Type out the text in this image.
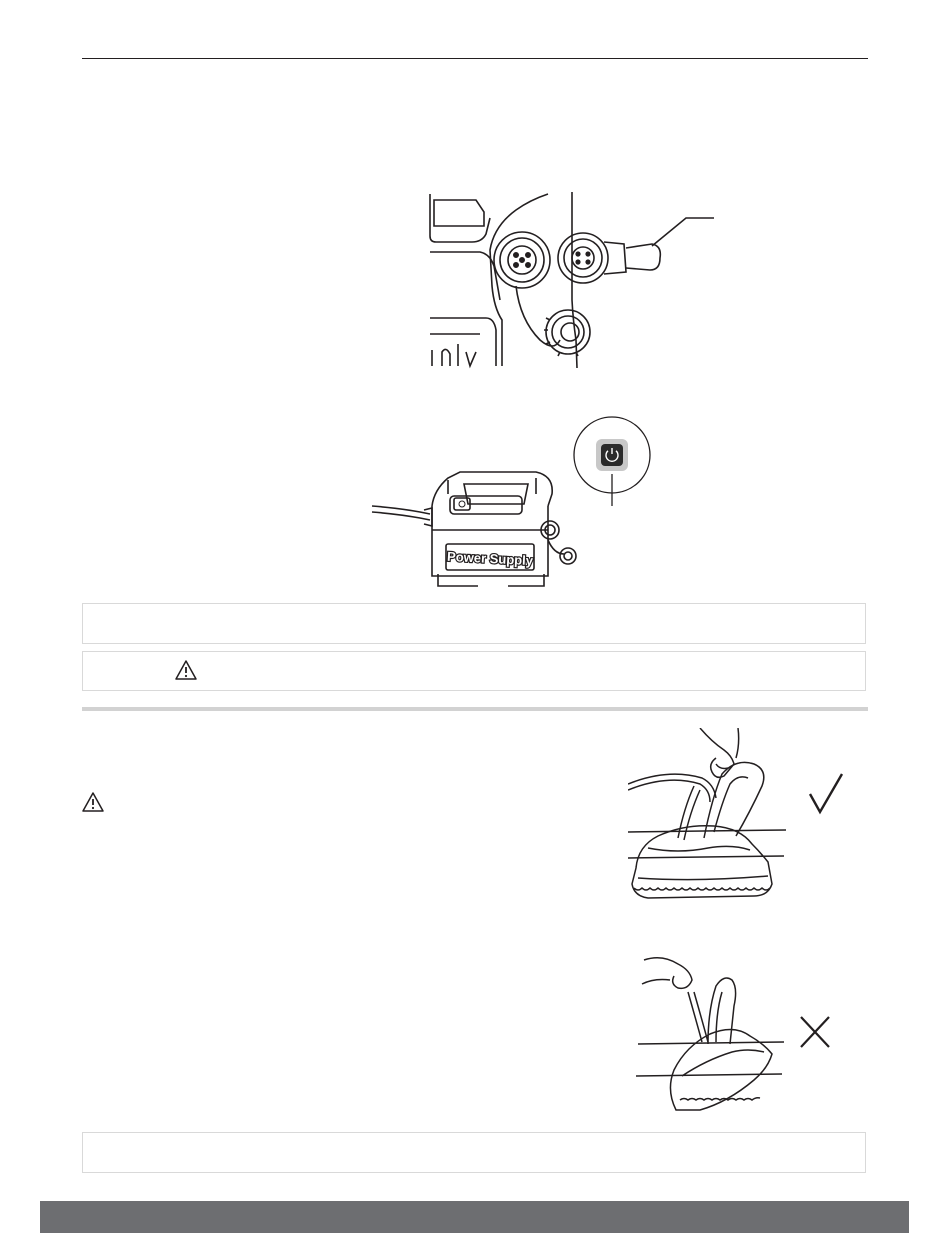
Power Supply
